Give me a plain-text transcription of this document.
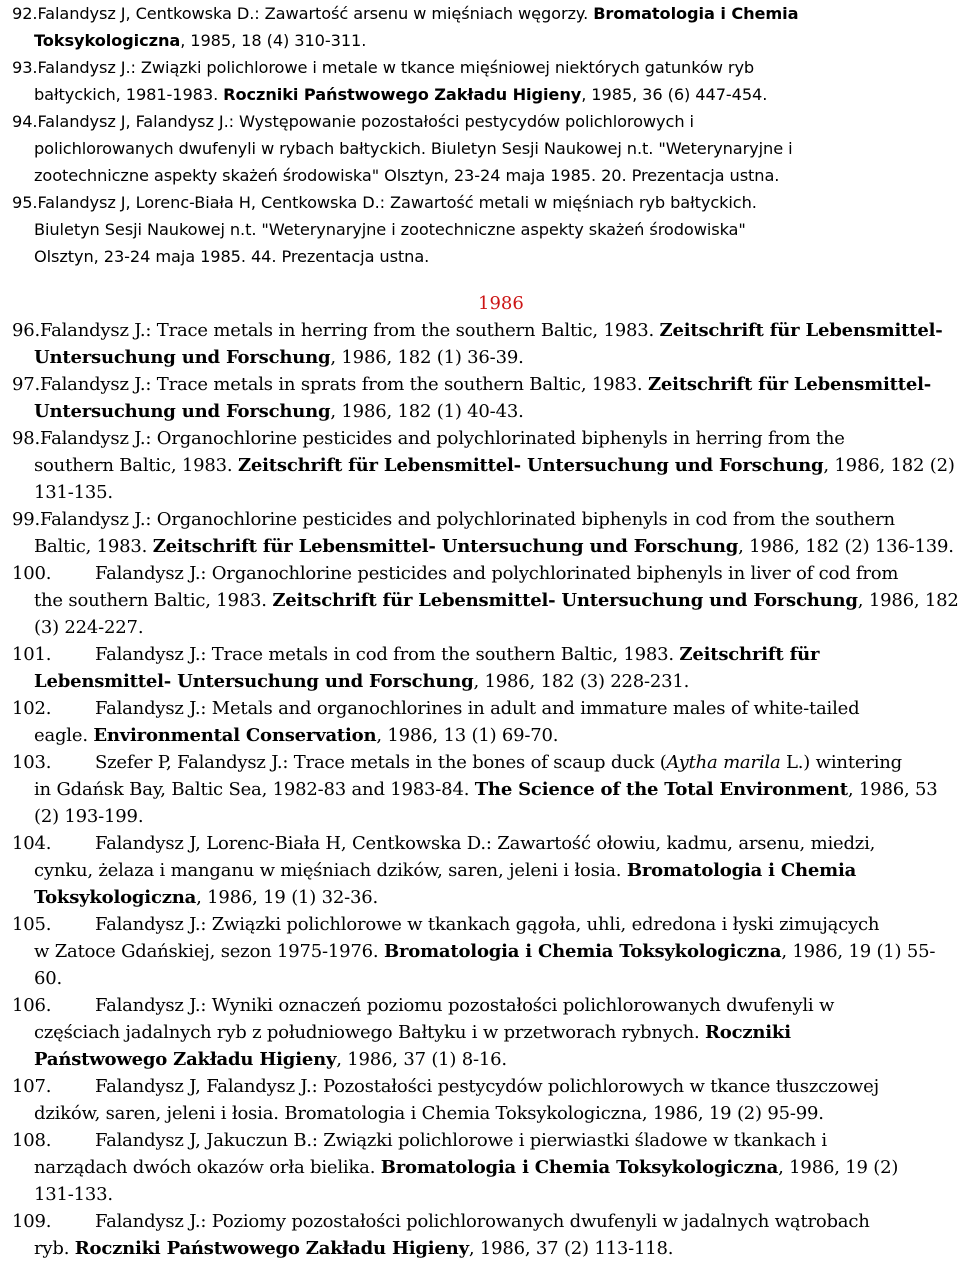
1986
92.Falandysz J, Centkowska D.: Zawartość arsenu w mięśniach węgorzy. Bromatologia i Chemia
Toksykologiczna, 1985, 18 (4) 310-311.
93.Falandysz J.: Związki polichlorowe i metale w tkance mięśniowej niektórych gatunków ryb
bałtyckich, 1981-1983. Roczniki Państwowego Zakładu Higieny, 1985, 36 (6) 447-454.
94.Falandysz J, Falandysz J.: Występowanie pozostałości pestycydów polichlorowych i
polichlorowanych dwufenyli w rybach bałtyckich. Biuletyn Sesji Naukowej n.t. "Weterynaryjne i
zootechniczne aspekty skażeń środowiska" Olsztyn, 23-24 maja 1985. 20. Prezentacja ustna.
95.Falandysz J, Lorenc-Biała H, Centkowska D.: Zawartość metali w mięśniach ryb bałtyckich.
Biuletyn Sesji Naukowej n.t. "Weterynaryjne i zootechniczne aspekty skażeń środowiska"
Olsztyn, 23-24 maja 1985. 44. Prezentacja ustna.
96.Falandysz J.: Trace metals in herring from the southern Baltic, 1983. Zeitschrift für Lebensmittel-
Untersuchung und Forschung, 1986, 182 (1) 36-39.
97.Falandysz J.: Trace metals in sprats from the southern Baltic, 1983. Zeitschrift für Lebensmittel-
Untersuchung und Forschung, 1986, 182 (1) 40-43.
98.Falandysz J.: Organochlorine pesticides and polychlorinated biphenyls in herring from the
southern Baltic, 1983. Zeitschrift für Lebensmittel- Untersuchung und Forschung, 1986, 182 (2)
131-135.
99.Falandysz J.: Organochlorine pesticides and polychlorinated biphenyls in cod from the southern
Baltic, 1983. Zeitschrift für Lebensmittel- Untersuchung und Forschung, 1986, 182 (2) 136-139.
100. Falandysz J.: Organochlorine pesticides and polychlorinated biphenyls in liver of cod from
the southern Baltic, 1983. Zeitschrift für Lebensmittel- Untersuchung und Forschung, 1986, 182
(3) 224-227.
101. Falandysz J.: Trace metals in cod from the southern Baltic, 1983. Zeitschrift für
Lebensmittel- Untersuchung und Forschung, 1986, 182 (3) 228-231.
102. Falandysz J.: Metals and organochlorines in adult and immature males of white-tailed
eagle. Environmental Conservation, 1986, 13 (1) 69-70.
103. Szefer P, Falandysz J.: Trace metals in the bones of scaup duck (Aytha marila L.) wintering
in Gdańsk Bay, Baltic Sea, 1982-83 and 1983-84. The Science of the Total Environment, 1986, 53
(2) 193-199.
104. Falandysz J, Lorenc-Biała H, Centkowska D.: Zawartość ołowiu, kadmu, arsenu, miedzi,
cynku, żelaza i manganu w mięśniach dzików, saren, jeleni i łosia. Bromatologia i Chemia
Toksykologiczna, 1986, 19 (1) 32-36.
105. Falandysz J.: Związki polichlorowe w tkankach gągoła, uhli, edredona i łyski zimujących
w Zatoce Gdańskiej, sezon 1975-1976. Bromatologia i Chemia Toksykologiczna, 1986, 19 (1) 55-
60.
106. Falandysz J.: Wyniki oznaczeń poziomu pozostałości polichlorowanych dwufenyli w
częściach jadalnych ryb z południowego Bałtyku i w przetworach rybnych. Roczniki
Państwowego Zakładu Higieny, 1986, 37 (1) 8-16.
107. Falandysz J, Falandysz J.: Pozostałości pestycydów polichlorowych w tkance tłuszczowej
dzików, saren, jeleni i łosia. Bromatologia i Chemia Toksykologiczna, 1986, 19 (2) 95-99.
108. Falandysz J, Jakuczun B.: Związki polichlorowe i pierwiastki śladowe w tkankach i
narządach dwóch okazów orła bielika. Bromatologia i Chemia Toksykologiczna, 1986, 19 (2)
131-133.
109. Falandysz J.: Poziomy pozostałości polichlorowanych dwufenyli w jadalnych wątrobach
ryb. Roczniki Państwowego Zakładu Higieny, 1986, 37 (2) 113-118.
